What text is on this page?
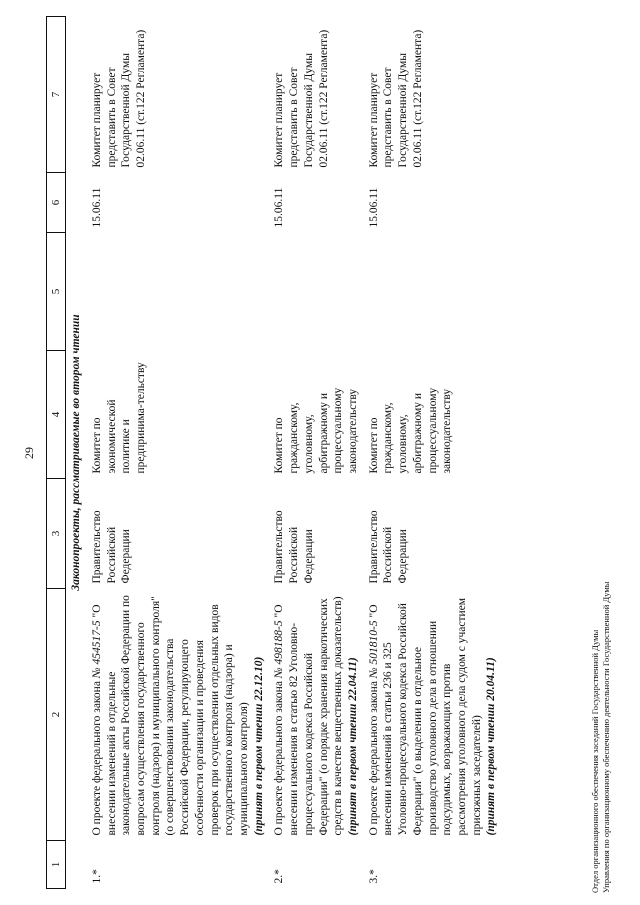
29
1	2	3	4	5	6	7
Законопроекты, рассматриваемые во втором чтении						
1.*	О проекте федерального закона № 454517-5 "О внесении изменений в отдельные законодательные акты Российской Федерации по вопросам осуществления государственного контроля (надзора) и муниципального контроля" (о совершенствовании законодательства Российской Федерации, регулирующего особенности организации и проведения проверок при осуществлении отдельных видов государственного контроля (надзора) и муниципального контроля) (принят в первом чтении 22.12.10)	Правительство Российской Федерации	Комитет по экономической политике и предпринима-тельству		15.06.11	Комитет планирует представить в Совет Государственной Думы 02.06.11 (ст.122 Регламента)
2.*	О проекте федерального закона № 498188-5 "О внесении изменения в статью 82 Уголовно-процессуального кодекса Российской Федерации" (о порядке хранения наркотических средств в качестве вещественных доказательств) (принят в первом чтении 22.04.11)	Правительство Российской Федерации	Комитет по гражданскому, уголовному, арбитражному и процессуальному законодательству		15.06.11	Комитет планирует представить в Совет Государственной Думы 02.06.11 (ст.122 Регламента)
3.*	О проекте федерального закона № 501810-5 "О внесении изменений в статьи 236 и 325 Уголовно-процессуального кодекса Российской Федерации" (о выделении в отдельное производство уголовного дела в отношении подсудимых, возражающих против рассмотрения уголовного дела судом с участием присяжных заседателей) (принят в первом чтении 20.04.11)	Правительство Российской Федерации	Комитет по гражданскому, уголовному, арбитражному и процессуальному законодательству		15.06.11	Комитет планирует представить в Совет Государственной Думы 02.06.11 (ст.122 Регламента)
Отдел организационного обеспечения заседаний Государственной Думы Управления по организационному обеспечению деятельности Государственной Думы
